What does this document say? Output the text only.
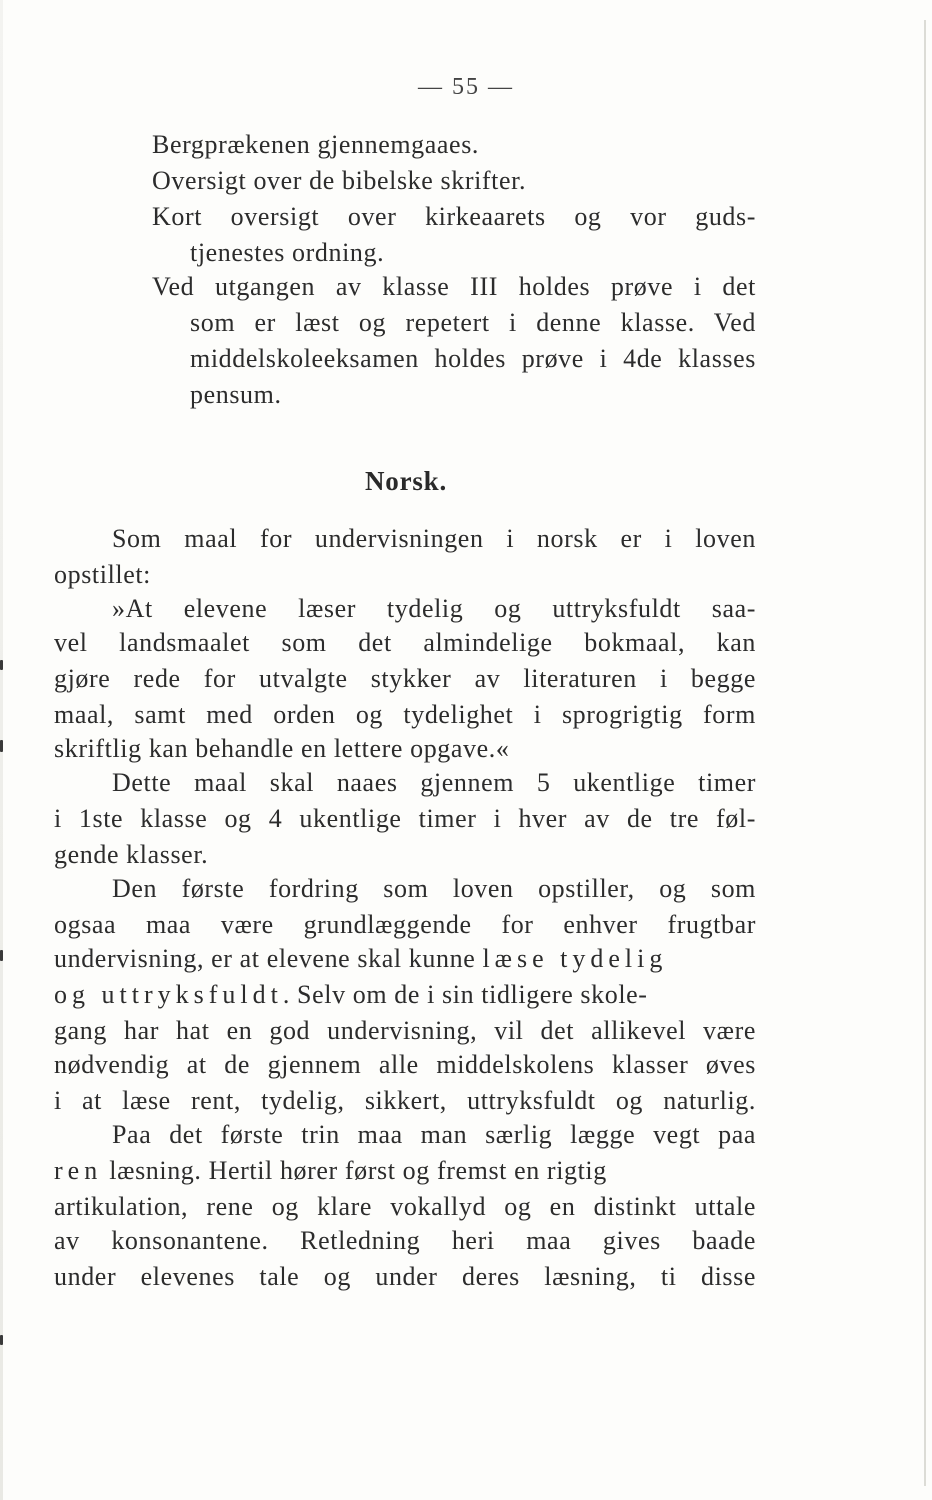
— 55 —
Bergprækenen gjennemgaaes.
Oversigt over de bibelske skrifter.
Kort oversigt over kirkeaarets og vor guds-
tjenestes ordning.
Ved utgangen av klasse III holdes prøve i det
som er læst og repetert i denne klasse. Ved
middelskoleeksamen holdes prøve i 4de klasses
pensum.
Norsk.
Som maal for undervisningen i norsk er i loven
opstillet:
»At elevene læser tydelig og uttryksfuldt saa-
vel landsmaalet som det almindelige bokmaal, kan
gjøre rede for utvalgte stykker av literaturen i begge
maal, samt med orden og tydelighet i sprogrigtig form
skriftlig kan behandle en lettere opgave.«
Dette maal skal naaes gjennem 5 ukentlige timer
i 1ste klasse og 4 ukentlige timer i hver av de tre føl-
gende klasser.
Den første fordring som loven opstiller, og som
ogsaa maa være grundlæggende for enhver frugtbar
undervisning, er at elevene skal kunne læse tydelig
og uttryksfuldt. Selv om de i sin tidligere skole-
gang har hat en god undervisning, vil det allikevel være
nødvendig at de gjennem alle middelskolens klasser øves
i at læse rent, tydelig, sikkert, uttryksfuldt og naturlig.
Paa det første trin maa man særlig lægge vegt paa
ren læsning. Hertil hører først og fremst en rigtig
artikulation, rene og klare vokallyd og en distinkt uttale
av konsonantene. Retledning heri maa gives baade
under elevenes tale og under deres læsning, ti disse
